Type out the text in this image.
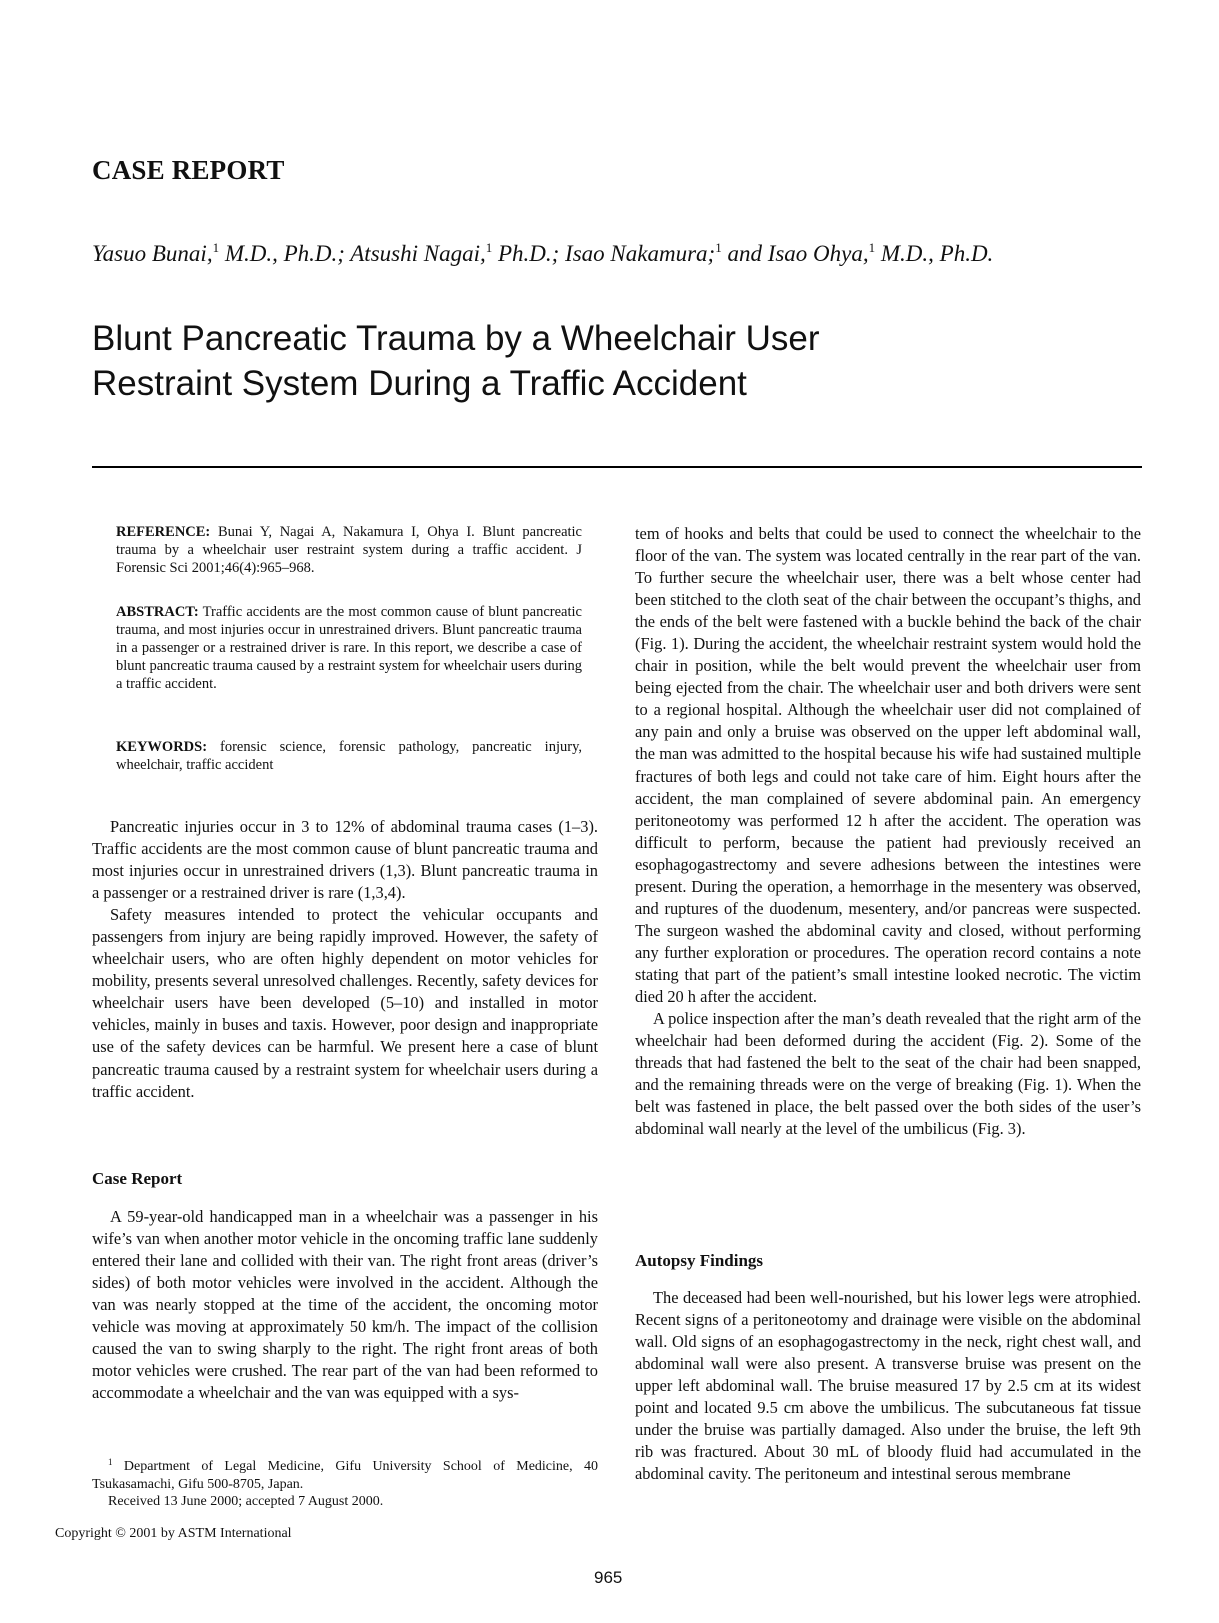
CASE REPORT
Yasuo Bunai,$^1$ M.D., Ph.D.; Atsushi Nagai,$^1$ Ph.D.; Isao Nakamura;$^1$ and Isao Ohya,$^1$ M.D., Ph.D.
Blunt Pancreatic Trauma by a Wheelchair User
Restraint System During a Traffic Accident
REFERENCE: Bunai Y, Nagai A, Nakamura I, Ohya I. Blunt pancreatic trauma by a wheelchair user restraint system during a traffic accident. J Forensic Sci 2001;46(4):965–968.
ABSTRACT: Traffic accidents are the most common cause of blunt pancreatic trauma, and most injuries occur in unrestrained drivers. Blunt pancreatic trauma in a passenger or a restrained driver is rare. In this report, we describe a case of blunt pancreatic trauma caused by a restraint system for wheelchair users during a traffic accident.
KEYWORDS: forensic science, forensic pathology, pancreatic injury, wheelchair, traffic accident

Pancreatic injuries occur in 3 to 12% of abdominal trauma cases (1–3). Traffic accidents are the most common cause of blunt pancreatic trauma and most injuries occur in unrestrained drivers (1,3). Blunt pancreatic trauma in a passenger or a restrained driver is rare (1,3,4).

Safety measures intended to protect the vehicular occupants and passengers from injury are being rapidly improved. However, the safety of wheelchair users, who are often highly dependent on motor vehicles for mobility, presents several unresolved challenges. Recently, safety devices for wheelchair users have been developed (5–10) and installed in motor vehicles, mainly in buses and taxis. However, poor design and inappropriate use of the safety devices can be harmful. We present here a case of blunt pancreatic trauma caused by a restraint system for wheelchair users during a traffic accident.

Case Report

A 59-year-old handicapped man in a wheelchair was a passenger in his wife’s van when another motor vehicle in the oncoming traffic lane suddenly entered their lane and collided with their van. The right front areas (driver’s sides) of both motor vehicles were involved in the accident. Although the van was nearly stopped at the time of the accident, the oncoming motor vehicle was moving at approximately 50 km/h. The impact of the collision caused the van to swing sharply to the right. The right front areas of both motor vehicles were crushed. The rear part of the van had been reformed to accommodate a wheelchair and the van was equipped with a sys-

$^1$ Department of Legal Medicine, Gifu University School of Medicine, 40 Tsukasamachi, Gifu 500-8705, Japan.

Received 13 June 2000; accepted 7 August 2000.

tem of hooks and belts that could be used to connect the wheelchair to the floor of the van. The system was located centrally in the rear part of the van. To further secure the wheelchair user, there was a belt whose center had been stitched to the cloth seat of the chair between the occupant’s thighs, and the ends of the belt were fastened with a buckle behind the back of the chair (Fig. 1). During the accident, the wheelchair restraint system would hold the chair in position, while the belt would prevent the wheelchair user from being ejected from the chair. The wheelchair user and both drivers were sent to a regional hospital. Although the wheelchair user did not complained of any pain and only a bruise was observed on the upper left abdominal wall, the man was admitted to the hospital because his wife had sustained multiple fractures of both legs and could not take care of him. Eight hours after the accident, the man complained of severe abdominal pain. An emergency peritoneotomy was performed 12 h after the accident. The operation was difficult to perform, because the patient had previously received an esophagogastrectomy and severe adhesions between the intestines were present. During the operation, a hemorrhage in the mesentery was observed, and ruptures of the duodenum, mesentery, and/or pancreas were suspected. The surgeon washed the abdominal cavity and closed, without performing any further exploration or procedures. The operation record contains a note stating that part of the patient’s small intestine looked necrotic. The victim died 20 h after the accident.

A police inspection after the man’s death revealed that the right arm of the wheelchair had been deformed during the accident (Fig. 2). Some of the threads that had fastened the belt to the seat of the chair had been snapped, and the remaining threads were on the verge of breaking (Fig. 1). When the belt was fastened in place, the belt passed over the both sides of the user’s abdominal wall nearly at the level of the umbilicus (Fig. 3).

Autopsy Findings

The deceased had been well-nourished, but his lower legs were atrophied. Recent signs of a peritoneotomy and drainage were visible on the abdominal wall. Old signs of an esophagogastrectomy in the neck, right chest wall, and abdominal wall were also present. A transverse bruise was present on the upper left abdominal wall. The bruise measured 17 by 2.5 cm at its widest point and located 9.5 cm above the umbilicus. The subcutaneous fat tissue under the bruise was partially damaged. Also under the bruise, the left 9th rib was fractured. About 30 mL of bloody fluid had accumulated in the abdominal cavity. The peritoneum and intestinal serous membrane

Copyright © 2001 by ASTM International
965
